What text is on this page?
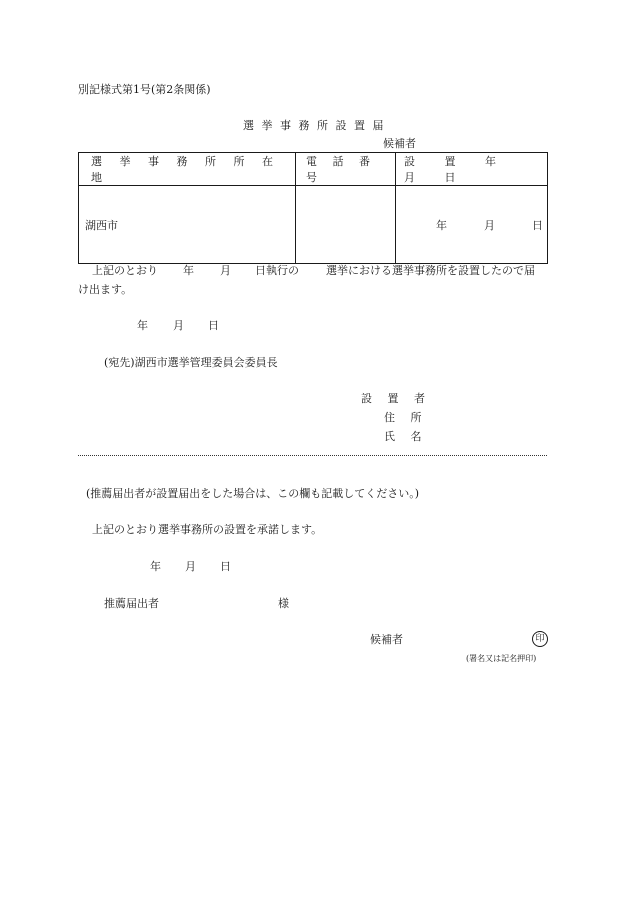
別記様式第1号(第2条関係)
選 挙 事 務 所 設 置 届
候補者
選 挙 事 務 所 所 在 地	電 話 番 号	設 置 年 月 日

湖西市		年 月 日
上記のとおり 年 月 日執行の 選挙における選挙事務所を設置したので届
け出ます。
年 月 日
(宛先)湖西市選挙管理委員会委員長
設 置 者
住 所
氏 名
(推薦届出者が設置届出をした場合は、この欄も記載してください。)
上記のとおり選挙事務所の設置を承諾します。
年 月 日
推薦届出者	様
候補者	印
(署名又は記名押印)
